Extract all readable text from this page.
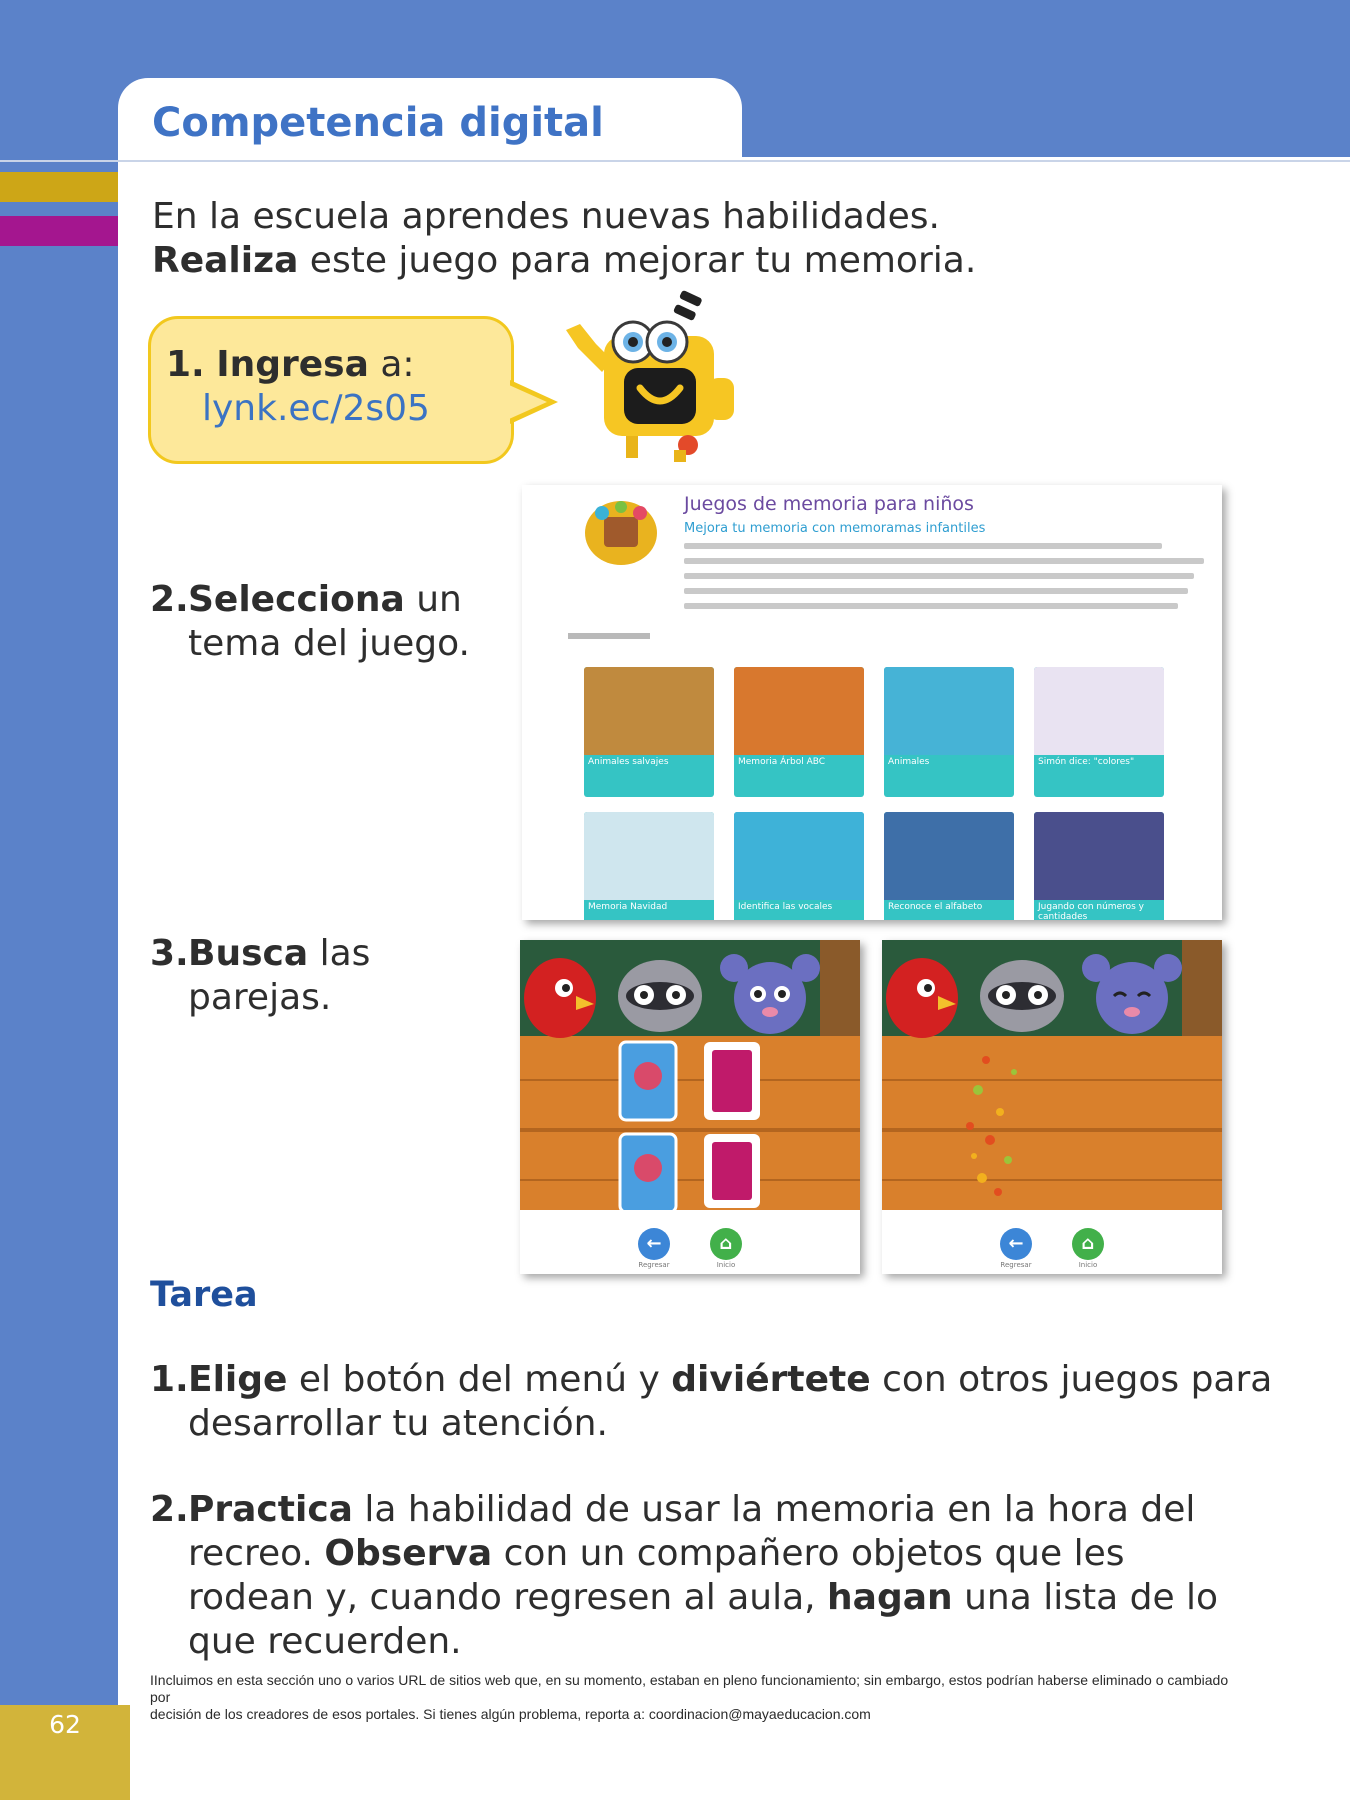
Competencia digital
62
En la escuela aprendes nuevas habilidades.
Realiza este juego para mejorar tu memoria.
1. Ingresa a:
lynk.ec/2s05
2.Selecciona un
tema del juego.
Juegos de memoria para niños
Mejora tu memoria con memoramas infantiles
Animales salvajes	Memoria Árbol ABC	Animales	Simón dice: "colores"
Memoria Navidad	Identifica las vocales	Reconoce el alfabeto	Jugando con números y cantidades
3.Busca las
parejas.
←	⌂
Regresar	Inicio
←	⌂
Regresar	Inicio
Tarea
1.Elige el botón del menú y diviértete con otros juegos para
desarrollar tu atención.
2.Practica la habilidad de usar la memoria en la hora del
recreo. Observa con un compañero objetos que les
rodean y, cuando regresen al aula, hagan una lista de lo
que recuerden.
IIncluimos en esta sección uno o varios URL de sitios web que, en su momento, estaban en pleno funcionamiento; sin embargo, estos podrían haberse eliminado o cambiado por
decisión de los creadores de esos portales. Si tienes algún problema, reporta a: coordinacion@mayaeducacion.com
